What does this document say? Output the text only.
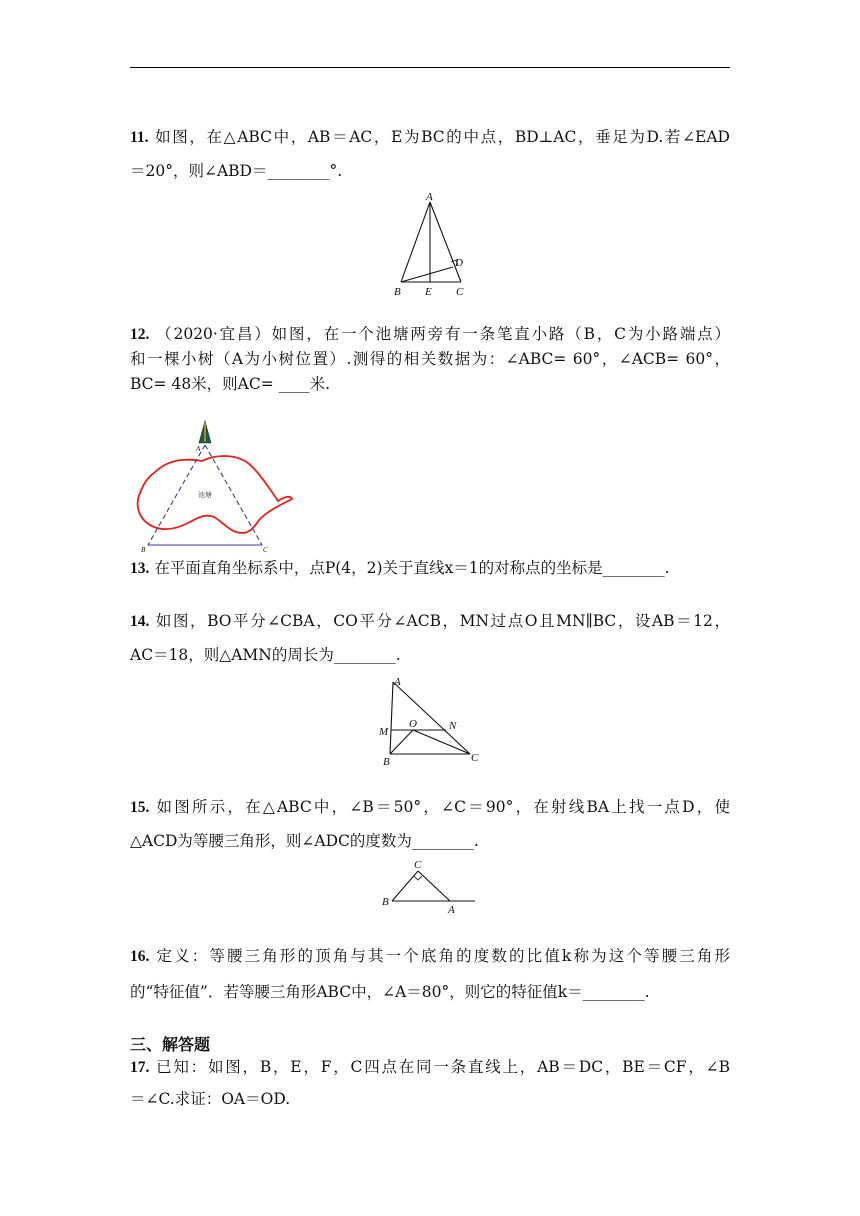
11. 如图，在△ABC中，AB＝AC，E为BC的中点，BD⊥AC，垂足为D.若∠EAD
＝20°，则∠ABD＝________°.
A
D
B E C
12. （2020·宜昌）如图，在一个池塘两旁有一条笔直小路（B，C为小路端点）
和一棵小树（A为小树位置）.测得的相关数据为：∠ABC= 60°，∠ACB= 60°，
BC= 48米，则AC= ____米.
A
B	C
池塘
13. 在平面直角坐标系中，点P(4，2)关于直线x＝1的对称点的坐标是________.
14. 如图，BO平分∠CBA，CO平分∠ACB，MN过点O且MN∥BC，设AB＝12，
AC＝18，则△AMN的周长为________.
A
M
O	N
B	C
15. 如图所示，在△ABC中，∠B＝50°，∠C＝90°，在射线BA上找一点D，使
△ACD为等腰三角形，则∠ADC的度数为________.
C
B
A
16. 定义：等腰三角形的顶角与其一个底角的度数的比值k称为这个等腰三角形
的“特征值”．若等腰三角形ABC中，∠A＝80°，则它的特征值k＝________.
三、解答题
17. 已知：如图，B，E，F，C四点在同一条直线上，AB＝DC，BE＝CF，∠B
＝∠C.求证：OA＝OD.
